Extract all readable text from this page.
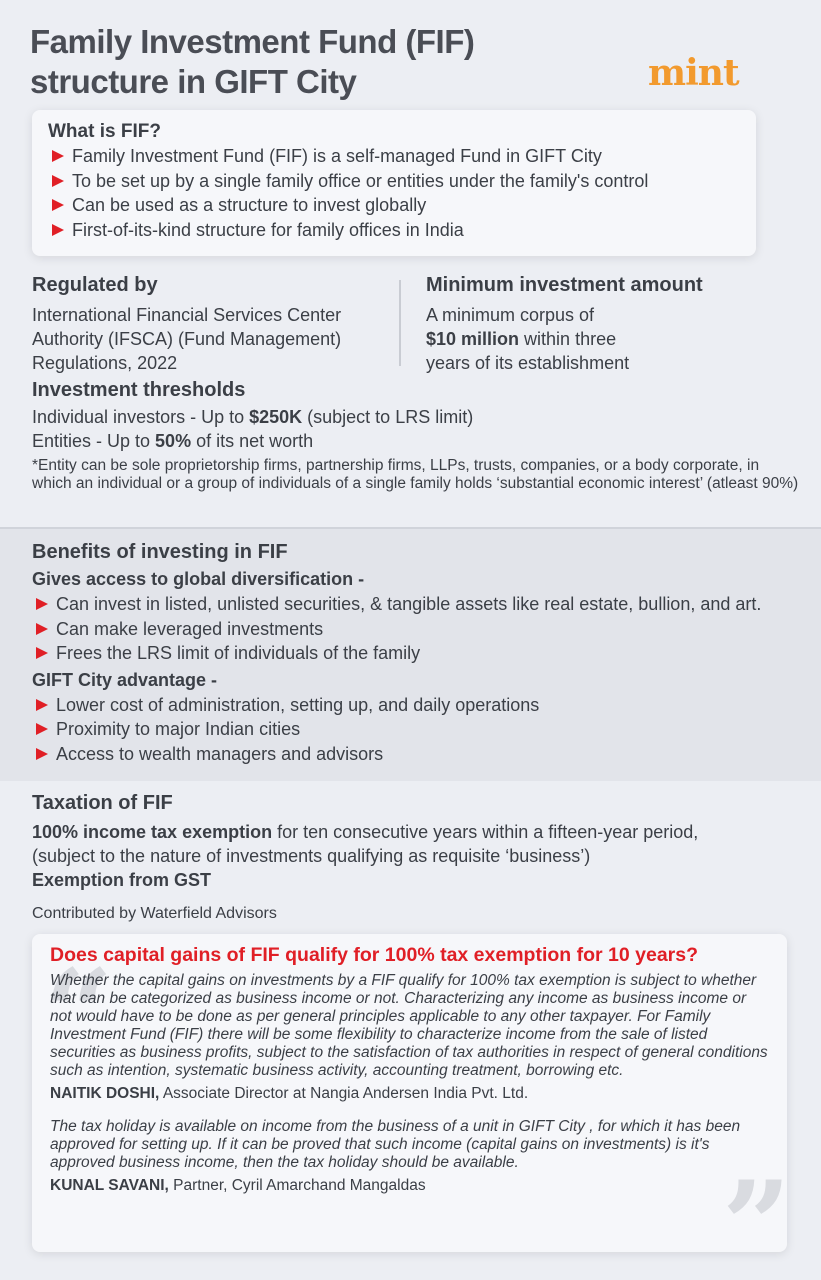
Family Investment Fund (FIF) structure in GIFT City	mint
What is FIF?
Family Investment Fund (FIF) is a self-managed Fund in GIFT City
To be set up by a single family office or entities under the family's control
Can be used as a structure to invest globally
First-of-its-kind structure for family offices in India
Regulated by
International Financial Services Center
Authority (IFSCA) (Fund Management)
Regulations, 2022
Minimum investment amount
A minimum corpus of
$10 million within three
years of its establishment
Investment thresholds
Individual investors - Up to $250K (subject to LRS limit)
Entities - Up to 50% of its net worth
*Entity can be sole proprietorship firms, partnership firms, LLPs, trusts, companies, or a body corporate, in which an individual or a group of individuals of a single family holds ‘substantial economic interest’ (atleast 90%)
Benefits of investing in FIF
Gives access to global diversification -
Can invest in listed, unlisted securities, & tangible assets like real estate, bullion, and art.
Can make leveraged investments
Frees the LRS limit of individuals of the family
GIFT City advantage -
Lower cost of administration, setting up, and daily operations
Proximity to major Indian cities
Access to wealth managers and advisors
Taxation of FIF
100% income tax exemption for ten consecutive years within a fifteen-year period,
(subject to the nature of investments qualifying as requisite ‘business’)
Exemption from GST
Contributed by Waterfield Advisors
“
”
Does capital gains of FIF qualify for 100% tax exemption for 10 years?
Whether the capital gains on investments by a FIF qualify for 100% tax exemption is subject to whether that can be categorized as business income or not. Characterizing any income as business income or not would have to be done as per general principles applicable to any other taxpayer. For Family Investment Fund (FIF) there will be some flexibility to characterize income from the sale of listed securities as business profits, subject to the satisfaction of tax authorities in respect of general conditions such as intention, systematic business activity, accounting treatment, borrowing etc.
NAITIK DOSHI, Associate Director at Nangia Andersen India Pvt. Ltd.
The tax holiday is available on income from the business of a unit in GIFT City , for which it has been approved for setting up. If it can be proved that such income (capital gains on investments) is it's approved business income, then the tax holiday should be available.
KUNAL SAVANI, Partner, Cyril Amarchand Mangaldas
